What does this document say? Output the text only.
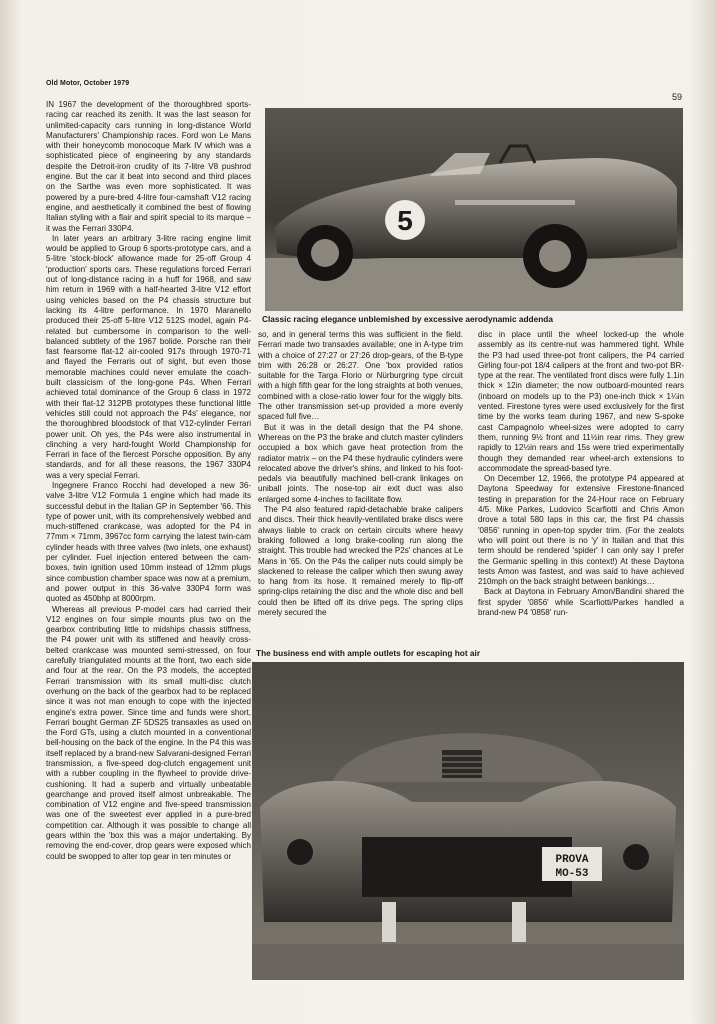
Old Motor, October 1979
59

IN 1967 the development of the thoroughbred sports-racing car reached its zenith. It was the last season for unlimited-capacity cars running in long-distance World Manufacturers' Championship races. Ford won Le Mans with their honeycomb monocoque Mark IV which was a sophisticated piece of engineering by any standards despite the Detroit-iron crudity of its 7-litre V8 pushrod engine. But the car it beat into second and third places on the Sarthe was even more sophisticated. It was powered by a pure-bred 4-litre four-camshaft V12 racing engine, and aesthetically it combined the best of flowing Italian styling with a flair and spirit special to its marque – it was the Ferrari 330P4.

In later years an arbitrary 3-litre racing engine limit would be applied to Group 6 sports-prototype cars, and a 5-litre 'stock-block' allowance made for 25-off Group 4 'production' sports cars. These regulations forced Ferrari out of long-distance racing in a huff for 1968, and saw him return in 1969 with a half-hearted 3-litre V12 effort using vehicles based on the P4 chassis structure but lacking its 4-litre performance. In 1970 Maranello produced their 25-off 5-litre V12 512S model, again P4-related but cumbersome in comparison to the well-balanced subtlety of the 1967 bolide. Porsche ran their fast fearsome flat-12 air-cooled 917s through 1970-71 and flayed the Ferraris out of sight, but even those memorable machines could never emulate the coach-built classicism of the long-gone P4s. When Ferrari achieved total dominance of the Group 6 class in 1972 with their flat-12 312PB prototypes these functional little vehicles still could not approach the P4s' elegance, nor the thoroughbred bloodstock of that V12-cylinder Ferrari power unit. Oh yes, the P4s were also instrumental in clinching a very hard-fought World Championship for Ferrari in face of the fiercest Porsche opposition. By any standards, and for all these reasons, the 1967 330P4 was a very special Ferrari.

Ingegnere Franco Rocchi had developed a new 36-valve 3-litre V12 Formula 1 engine which had made its successful debut in the Italian GP in September '66. This type of power unit, with its comprehensively webbed and much-stiffened crankcase, was adopted for the P4 in 77mm × 71mm, 3967cc form carrying the latest twin-cam cylinder heads with three valves (two inlets, one exhaust) per cylinder. Fuel injection entered between the cam-boxes, twin ignition used 10mm instead of 12mm plugs since combustion chamber space was now at a premium, and power output in this 36-valve 330P4 form was quoted as 450bhp at 8000rpm.

Whereas all previous P-model cars had carried their V12 engines on four simple mounts plus two on the gearbox contributing little to midships chassis stiffness, the P4 power unit with its stiffened and heavily cross-belted crankcase was mounted semi-stressed, on four carefully triangulated mounts at the front, two each side and four at the rear. On the P3 models, the accepted Ferrari transmission with its small multi-disc clutch overhung on the back of the gearbox had to be replaced since it was not man enough to cope with the injected engine's extra power. Since time and funds were short, Ferrari bought German ZF 5DS25 transaxles as used on the Ford GTs, using a clutch mounted in a conventional bell-housing on the back of the engine. In the P4 this was itself replaced by a brand-new Salvarani-designed Ferrari transmission, a five-speed dog-clutch engagement unit with a rubber coupling in the flywheel to provide drive-cushioning. It had a superb and virtually unbeatable gearchange and proved itself almost unbreakable. The combination of V12 engine and five-speed transmission was one of the sweetest ever applied in a pure-bred competition car. Although it was possible to change all gears within the 'box this was a major undertaking. By removing the end-cover, drop gears were exposed which could be swopped to alter top gear in ten minutes or

5
Classic racing elegance unblemished by excessive aerodynamic addenda

so, and in general terms this was sufficient in the field. Ferrari made two transaxles available; one in A-type trim with a choice of 27:27 or 27:26 drop-gears, of the B-type trim with 26:28 or 26:27. One 'box provided ratios suitable for the Targa Florio or Nürburgring type circuit with a high fifth gear for the long straights at both venues, combined with a close-ratio lower four for the wiggly bits. The other transmission set-up provided a more evenly spaced full five…

But it was in the detail design that the P4 shone. Whereas on the P3 the brake and clutch master cylinders occupied a box which gave heat protection from the radiator matrix – on the P4 these hydraulic cylinders were relocated above the driver's shins, and linked to his foot-pedals via beautifully machined bell-crank linkages on uniball joints. The nose-top air exit duct was also enlarged some 4-inches to facilitate flow.

The P4 also featured rapid-detachable brake calipers and discs. Their thick heavily-ventilated brake discs were always liable to crack on certain circuits where heavy braking followed a long brake-cooling run along the straight. This trouble had wrecked the P2s' chances at Le Mans in '65. On the P4s the caliper nuts could simply be slackened to release the caliper which then swung away to hang from its hose. It remained merely to flip-off spring-clips retaining the disc and the whole disc and bell could then be lifted off its drive pegs. The spring clips merely secured the

disc in place until the wheel locked-up the whole assembly as its centre-nut was hammered tight. While the P3 had used three-pot front calipers, the P4 carried Girling four-pot 18/4 calipers at the front and two-pot BR-type at the rear. The ventilated front discs were fully 1.1in thick × 12in diameter; the now outboard-mounted rears (inboard on models up to the P3) one-inch thick × 1¼in vented. Firestone tyres were used exclusively for the first time by the works team during 1967, and new S-spoke cast Campagnolo wheel-sizes were adopted to carry them, running 9½ front and 11½in rear rims. They grew rapidly to 12½in rears and 15s were tried experimentally though they demanded rear wheel-arch extensions to accommodate the spread-based tyre.

On December 12, 1966, the prototype P4 appeared at Daytona Speedway for extensive Firestone-financed testing in preparation for the 24-Hour race on February 4/5. Mike Parkes, Ludovico Scarfiotti and Chris Amon drove a total 580 laps in this car, the first P4 chassis '0856' running in open-top spyder trim. (For the zealots who will point out there is no 'y' in Italian and that this term should be rendered 'spider' I can only say I prefer the Germanic spelling in this context!) At these Daytona tests Amon was fastest, and was said to have achieved 210mph on the back straight between bankings…

Back at Daytona in February Amon/Bandini shared the first spyder '0856' while Scarfiotti/Parkes handled a brand-new P4 '0858' run-

The business end with ample outlets for escaping hot air
PROVA
MO-53
